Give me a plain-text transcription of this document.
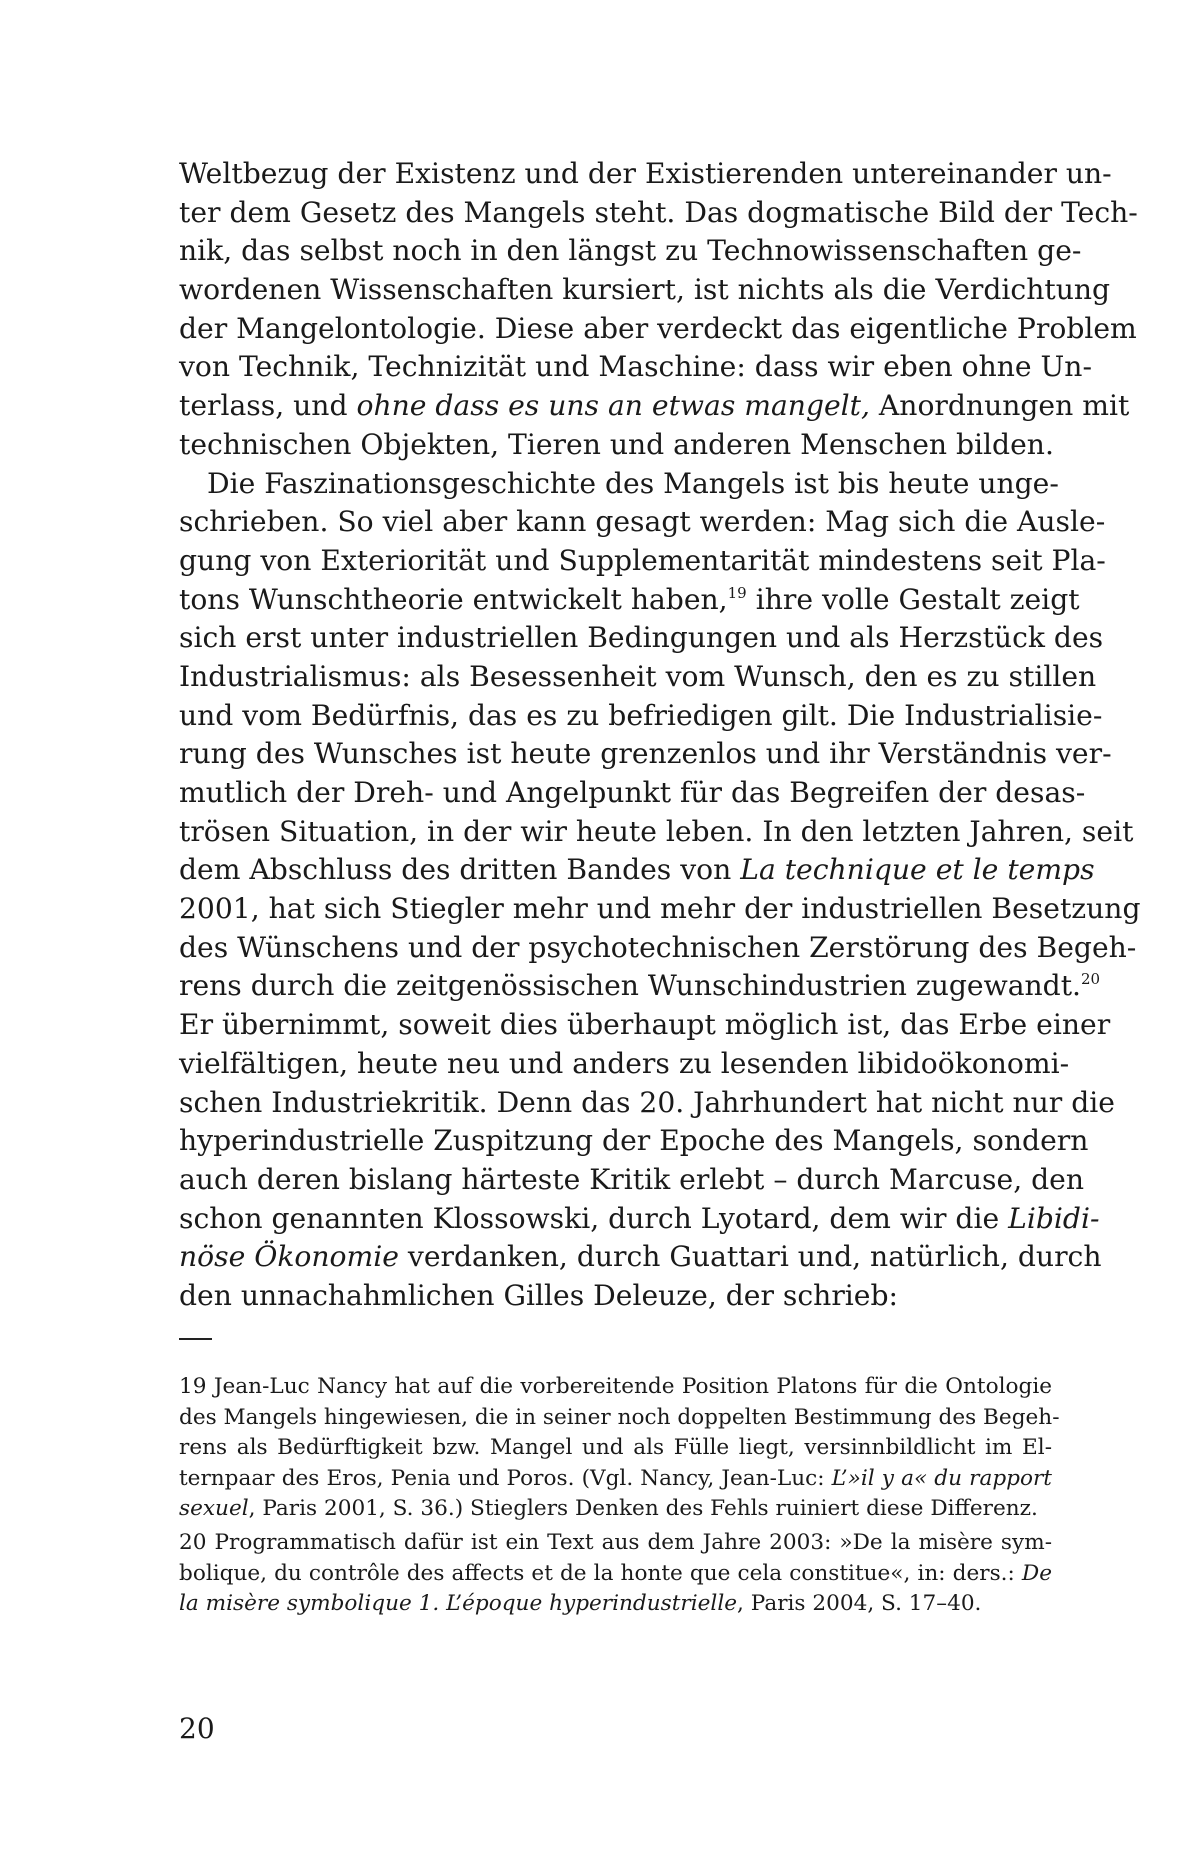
Weltbezug der Existenz und der Existierenden untereinander un-
ter dem Gesetz des Mangels steht. Das dogmatische Bild der Tech-
nik, das selbst noch in den längst zu Technowissenschaften ge-
wordenen Wissenschaften kursiert, ist nichts als die Verdichtung
der Mangelontologie. Diese aber verdeckt das eigentliche Problem
von Technik, Technizität und Maschine: dass wir eben ohne Un-
terlass, und ohne dass es uns an etwas mangelt, Anordnungen mit
technischen Objekten, Tieren und anderen Menschen bilden.
Die Faszinationsgeschichte des Mangels ist bis heute unge-
schrieben. So viel aber kann gesagt werden: Mag sich die Ausle-
gung von Exteriorität und Supplementarität mindestens seit Pla-
tons Wunschtheorie entwickelt haben,$^{19}$ ihre volle Gestalt zeigt
sich erst unter industriellen Bedingungen und als Herzstück des
Industrialismus: als Besessenheit vom Wunsch, den es zu stillen
und vom Bedürfnis, das es zu befriedigen gilt. Die Industrialisie-
rung des Wunsches ist heute grenzenlos und ihr Verständnis ver-
mutlich der Dreh- und Angelpunkt für das Begreifen der desas-
trösen Situation, in der wir heute leben. In den letzten Jahren, seit
dem Abschluss des dritten Bandes von La technique et le temps
2001, hat sich Stiegler mehr und mehr der industriellen Besetzung
des Wünschens und der psychotechnischen Zerstörung des Begeh-
rens durch die zeitgenössischen Wunschindustrien zugewandt.$^{20}$
Er übernimmt, soweit dies überhaupt möglich ist, das Erbe einer
vielfältigen, heute neu und anders zu lesenden libidoökonomi-
schen Industriekritik. Denn das 20. Jahrhundert hat nicht nur die
hyperindustrielle Zuspitzung der Epoche des Mangels, sondern
auch deren bislang härteste Kritik erlebt – durch Marcuse, den
schon genannten Klossowski, durch Lyotard, dem wir die Libidi-
nöse Ökonomie verdanken, durch Guattari und, natürlich, durch
den unnachahmlichen Gilles Deleuze, der schrieb:
19 Jean-Luc Nancy hat auf die vorbereitende Position Platons für die Ontologie
des Mangels hingewiesen, die in seiner noch doppelten Bestimmung des Begeh-
rens als Bedürftigkeit bzw. Mangel und als Fülle liegt, versinnbildlicht im El-
ternpaar des Eros, Penia und Poros. (Vgl. Nancy, Jean-Luc: L’»il y a« du rapport
sexuel, Paris 2001, S. 36.) Stieglers Denken des Fehls ruiniert diese Differenz.
20 Programmatisch dafür ist ein Text aus dem Jahre 2003: »De la misère sym-
bolique, du contrôle des affects et de la honte que cela constitue«, in: ders.: De
la misère symbolique 1. L’époque hyperindustrielle, Paris 2004, S. 17–40.
20
